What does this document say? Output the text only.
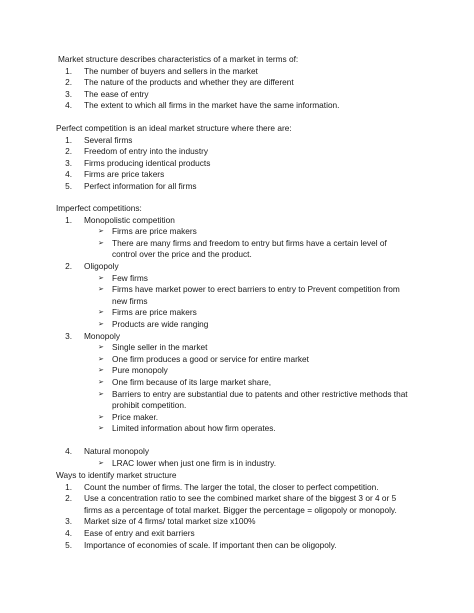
Market structure describes characteristics of a market in terms of:
1. The number of buyers and sellers in the market
2. The nature of the products and whether they are different
3. The ease of entry
4. The extent to which all firms in the market have the same information.
Perfect competition is an ideal market structure where there are:
1. Several firms
2. Freedom of entry into the industry
3. Firms producing identical products
4. Firms are price takers
5. Perfect information for all firms
Imperfect competitions:
1. Monopolistic competition
➢ Firms are price makers
➢ There are many firms and freedom to entry but firms have a certain level of
control over the price and the product.
2. Oligopoly
➢ Few firms
➢ Firms have market power to erect barriers to entry to Prevent competition from
new firms
➢ Firms are price makers
➢ Products are wide ranging
3. Monopoly
➢ Single seller in the market
➢ One firm produces a good or service for entire market
➢ Pure monopoly
➢ One firm because of its large market share,
➢ Barriers to entry are substantial due to patents and other restrictive methods that
prohibit competition.
➢ Price maker.
➢ Limited information about how firm operates.
4. Natural monopoly
➢ LRAC lower when just one firm is in industry.
Ways to identify market structure
1. Count the number of firms. The larger the total, the closer to perfect competition.
2. Use a concentration ratio to see the combined market share of the biggest 3 or 4 or 5
firms as a percentage of total market. Bigger the percentage = oligopoly or monopoly.
3. Market size of 4 firms/ total market size x100%
4. Ease of entry and exit barriers
5. Importance of economies of scale. If important then can be oligopoly.
